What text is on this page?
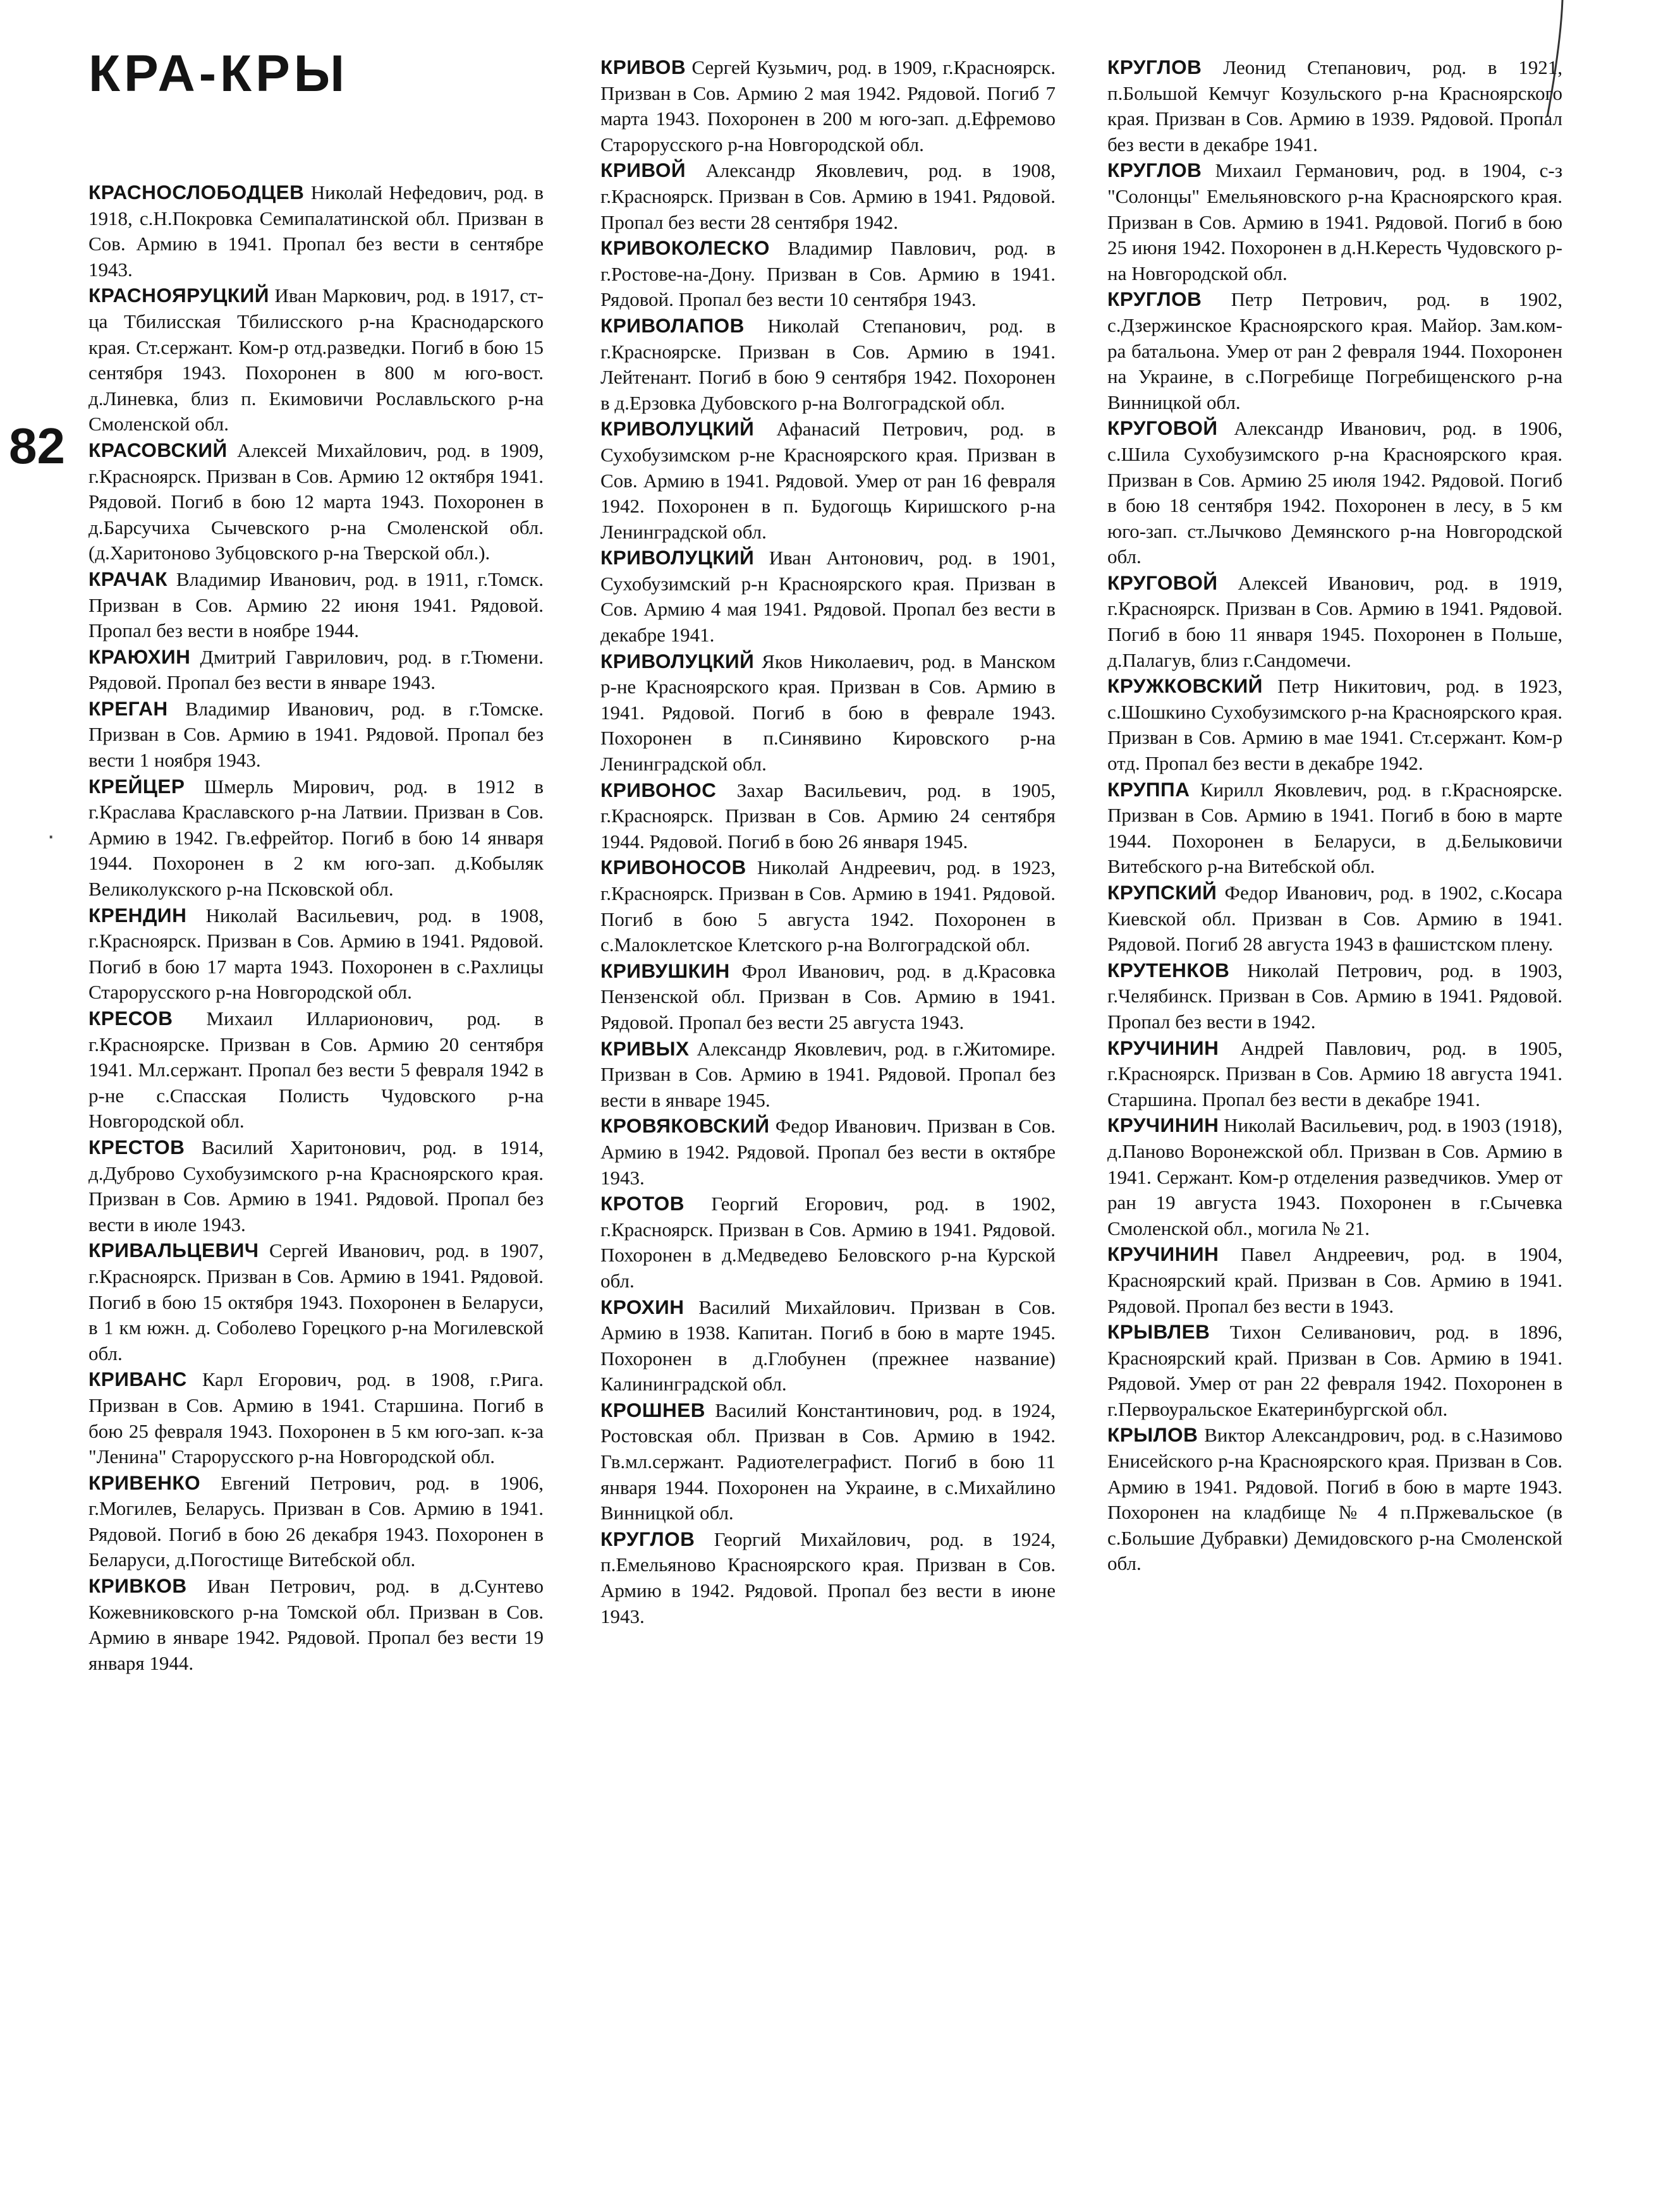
КРА-КРЫ
82
·

КРАСНОСЛОБОДЦЕВ Николай Нефедович, род. в 1918, с.Н.Покровка Семипалатинской обл. Призван в Сов. Армию в 1941. Пропал без вести в сентябре 1943.

КРАСНОЯРУЦКИЙ Иван Маркович, род. в 1917, ст-ца Тбилисская Тбилисского р-на Краснодарского края. Ст.сержант. Ком-р отд.разведки. Погиб в бою 15 сентября 1943. Похоронен в 800 м юго-вост. д.Линевка, близ п. Екимовичи Рославльского р-на Смоленской обл.

КРАСОВСКИЙ Алексей Михайлович, род. в 1909, г.Красноярск. Призван в Сов. Армию 12 октября 1941. Рядовой. Погиб в бою 12 марта 1943. Похоронен в д.Барсучиха Сычевского р-на Смоленской обл. (д.Харитоново Зубцовского р-на Тверской обл.).

КРАЧАК Владимир Иванович, род. в 1911, г.Томск. Призван в Сов. Армию 22 июня 1941. Рядовой. Пропал без вести в ноябре 1944.

КРАЮХИН Дмитрий Гаврилович, род. в г.Тюмени. Рядовой. Пропал без вести в январе 1943.

КРЕГАН Владимир Иванович, род. в г.Томске. Призван в Сов. Армию в 1941. Рядовой. Пропал без вести 1 ноября 1943.

КРЕЙЦЕР Шмерль Мирович, род. в 1912 в г.Краслава Краславского р-на Латвии. Призван в Сов. Армию в 1942. Гв.ефрейтор. Погиб в бою 14 января 1944. Похоронен в 2 км юго-зап. д.Кобыляк Великолукского р-на Псковской обл.

КРЕНДИН Николай Васильевич, род. в 1908, г.Красноярск. Призван в Сов. Армию в 1941. Рядовой. Погиб в бою 17 марта 1943. Похоронен в с.Рахлицы Старорусского р-на Новгородской обл.

КРЕСОВ Михаил Илларионович, род. в г.Красноярске. Призван в Сов. Армию 20 сентября 1941. Мл.сержант. Пропал без вести 5 февраля 1942 в р-не с.Спасская Полисть Чудовского р-на Новгородской обл.

КРЕСТОВ Василий Харитонович, род. в 1914, д.Дуброво Сухобузимского р-на Красноярского края. Призван в Сов. Армию в 1941. Рядовой. Пропал без вести в июле 1943.

КРИВАЛЬЦЕВИЧ Сергей Иванович, род. в 1907, г.Красноярск. Призван в Сов. Армию в 1941. Рядовой. Погиб в бою 15 октября 1943. Похоронен в Беларуси, в 1 км южн. д. Соболево Горецкого р-на Могилевской обл.

КРИВАНС Карл Егорович, род. в 1908, г.Рига. Призван в Сов. Армию в 1941. Старшина. Погиб в бою 25 февраля 1943. Похоронен в 5 км юго-зап. к-за "Ленина" Старорусского р-на Новгородской обл.

КРИВЕНКО Евгений Петрович, род. в 1906, г.Могилев, Беларусь. Призван в Сов. Армию в 1941. Рядовой. Погиб в бою 26 декабря 1943. Похоронен в Беларуси, д.Погостище Витебской обл.

КРИВКОВ Иван Петрович, род. в д.Сунтево Кожевниковского р-на Томской обл. Призван в Сов. Армию в январе 1942. Рядовой. Пропал без вести 19 января 1944.

КРИВОВ Сергей Кузьмич, род. в 1909, г.Красноярск. Призван в Сов. Армию 2 мая 1942. Рядовой. Погиб 7 марта 1943. Похоронен в 200 м юго-зап. д.Ефремово Старорусского р-на Новгородской обл.

КРИВОЙ Александр Яковлевич, род. в 1908, г.Красноярск. Призван в Сов. Армию в 1941. Рядовой. Пропал без вести 28 сентября 1942.

КРИВОКОЛЕСКО Владимир Павлович, род. в г.Ростове-на-Дону. Призван в Сов. Армию в 1941. Рядовой. Пропал без вести 10 сентября 1943.

КРИВОЛАПОВ Николай Степанович, род. в г.Красноярске. Призван в Сов. Армию в 1941. Лейтенант. Погиб в бою 9 сентября 1942. Похоронен в д.Ерзовка Дубовского р-на Волгоградской обл.

КРИВОЛУЦКИЙ Афанасий Петрович, род. в Сухобузимском р-не Красноярского края. Призван в Сов. Армию в 1941. Рядовой. Умер от ран 16 февраля 1942. Похоронен в п. Будогощь Киришского р-на Ленинградской обл.

КРИВОЛУЦКИЙ Иван Антонович, род. в 1901, Сухобузимский р-н Красноярского края. Призван в Сов. Армию 4 мая 1941. Рядовой. Пропал без вести в декабре 1941.

КРИВОЛУЦКИЙ Яков Николаевич, род. в Манском р-не Красноярского края. Призван в Сов. Армию в 1941. Рядовой. Погиб в бою в феврале 1943. Похоронен в п.Синявино Кировского р-на Ленинградской обл.

КРИВОНОС Захар Васильевич, род. в 1905, г.Красноярск. Призван в Сов. Армию 24 сентября 1944. Рядовой. Погиб в бою 26 января 1945.

КРИВОНОСОВ Николай Андреевич, род. в 1923, г.Красноярск. Призван в Сов. Армию в 1941. Рядовой. Погиб в бою 5 августа 1942. Похоронен в с.Малоклетское Клетского р-на Волгоградской обл.

КРИВУШКИН Фрол Иванович, род. в д.Красовка Пензенской обл. Призван в Сов. Армию в 1941. Рядовой. Пропал без вести 25 августа 1943.

КРИВЫХ Александр Яковлевич, род. в г.Житомире. Призван в Сов. Армию в 1941. Рядовой. Пропал без вести в январе 1945.

КРОВЯКОВСКИЙ Федор Иванович. Призван в Сов. Армию в 1942. Рядовой. Пропал без вести в октябре 1943.

КРОТОВ Георгий Егорович, род. в 1902, г.Красноярск. Призван в Сов. Армию в 1941. Рядовой. Похоронен в д.Медведево Беловского р-на Курской обл.

КРОХИН Василий Михайлович. Призван в Сов. Армию в 1938. Капитан. Погиб в бою в марте 1945. Похоронен в д.Глобунен (прежнее название) Калининградской обл.

КРОШНЕВ Василий Константинович, род. в 1924, Ростовская обл. Призван в Сов. Армию в 1942. Гв.мл.сержант. Радиотелеграфист. Погиб в бою 11 января 1944. Похоронен на Украине, в с.Михайлино Винницкой обл.

КРУГЛОВ Георгий Михайлович, род. в 1924, п.Емельяново Красноярского края. Призван в Сов. Армию в 1942. Рядовой. Пропал без вести в июне 1943.

КРУГЛОВ Леонид Степанович, род. в 1921, п.Большой Кемчуг Козульского р-на Красноярского края. Призван в Сов. Армию в 1939. Рядовой. Пропал без вести в декабре 1941.

КРУГЛОВ Михаил Германович, род. в 1904, с-з "Солонцы" Емельяновского р-на Красноярского края. Призван в Сов. Армию в 1941. Рядовой. Погиб в бою 25 июня 1942. Похоронен в д.Н.Кересть Чудовского р-на Новгородской обл.

КРУГЛОВ Петр Петрович, род. в 1902, с.Дзержинское Красноярского края. Майор. Зам.ком-ра батальона. Умер от ран 2 февраля 1944. Похоронен на Украине, в с.Погребище Погребищенского р-на Винницкой обл.

КРУГОВОЙ Александр Иванович, род. в 1906, с.Шила Сухобузимского р-на Красноярского края. Призван в Сов. Армию 25 июля 1942. Рядовой. Погиб в бою 18 сентября 1942. Похоронен в лесу, в 5 км юго-зап. ст.Лычково Демянского р-на Новгородской обл.

КРУГОВОЙ Алексей Иванович, род. в 1919, г.Красноярск. Призван в Сов. Армию в 1941. Рядовой. Погиб в бою 11 января 1945. Похоронен в Польше, д.Палагув, близ г.Сандомечи.

КРУЖКОВСКИЙ Петр Никитович, род. в 1923, с.Шошкино Сухобузимского р-на Красноярского края. Призван в Сов. Армию в мае 1941. Ст.сержант. Ком-р отд. Пропал без вести в декабре 1942.

КРУППА Кирилл Яковлевич, род. в г.Красноярске. Призван в Сов. Армию в 1941. Погиб в бою в марте 1944. Похоронен в Беларуси, в д.Белыковичи Витебского р-на Витебской обл.

КРУПСКИЙ Федор Иванович, род. в 1902, с.Косара Киевской обл. Призван в Сов. Армию в 1941. Рядовой. Погиб 28 августа 1943 в фашистском плену.

КРУТЕНКОВ Николай Петрович, род. в 1903, г.Челябинск. Призван в Сов. Армию в 1941. Рядовой. Пропал без вести в 1942.

КРУЧИНИН Андрей Павлович, род. в 1905, г.Красноярск. Призван в Сов. Армию 18 августа 1941. Старшина. Пропал без вести в декабре 1941.

КРУЧИНИН Николай Васильевич, род. в 1903 (1918), д.Паново Воронежской обл. Призван в Сов. Армию в 1941. Сержант. Ком-р отделения разведчиков. Умер от ран 19 августа 1943. Похоронен в г.Сычевка Смоленской обл., могила № 21.

КРУЧИНИН Павел Андреевич, род. в 1904, Красноярский край. Призван в Сов. Армию в 1941. Рядовой. Пропал без вести в 1943.

КРЫВЛЕВ Тихон Селиванович, род. в 1896, Красноярский край. Призван в Сов. Армию в 1941. Рядовой. Умер от ран 22 февраля 1942. Похоронен в г.Первоуральское Екатеринбургской обл.

КРЫЛОВ Виктор Александрович, род. в с.Назимово Енисейского р-на Красноярского края. Призван в Сов. Армию в 1941. Рядовой. Погиб в бою в марте 1943. Похоронен на кладбище № 4 п.Пржевальское (в с.Большие Дубравки) Демидовского р-на Смоленской обл.
